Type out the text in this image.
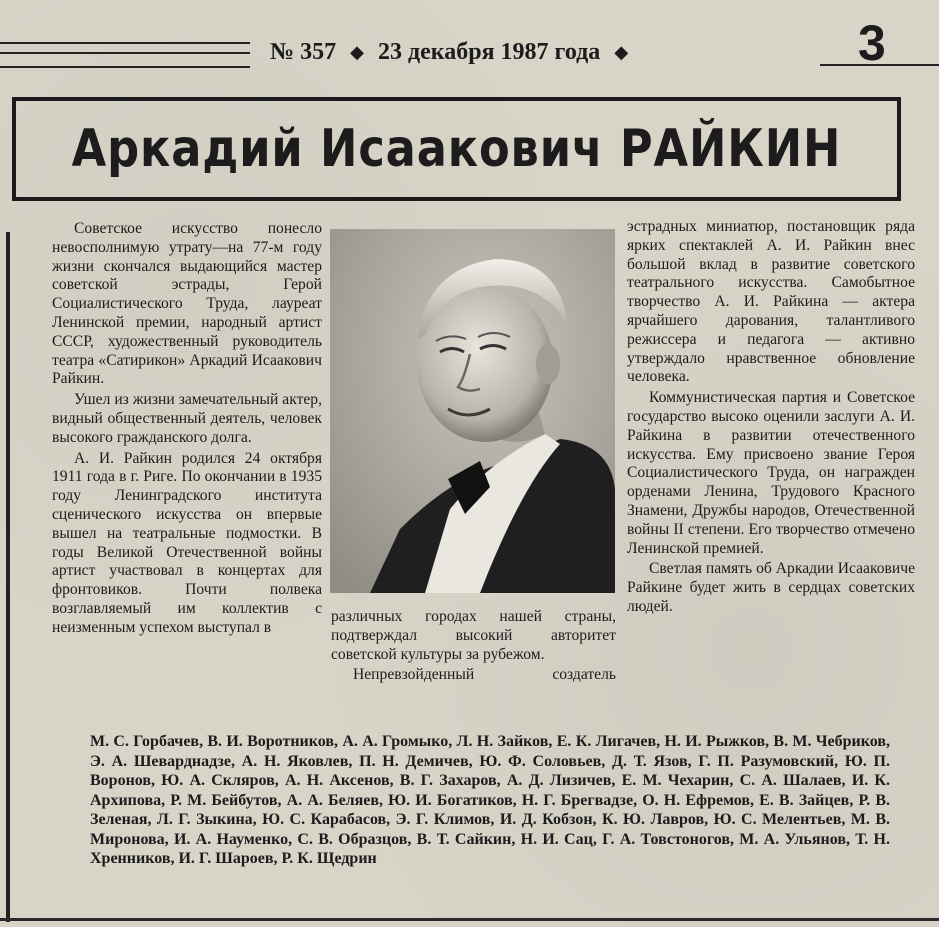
№ 357 ◆ 23 декабря 1987 года ◆	3
Аркадий Исаакович РАЙКИН

Советское искусство понесло невосполнимую утрату—на 77-м году жизни скончался выдающийся мастер советской эстрады, Герой Социалистического Труда, лауреат Ленинской премии, народный артист СССР, художественный руководитель театра «Сатирикон» Аркадий Исаакович Райкин.

Ушел из жизни замечательный актер, видный общественный деятель, человек высокого гражданского долга.

А. И. Райкин родился 24 октября 1911 года в г. Риге. По окончании в 1935 году Ленинградского института сценического искусства он впервые вышел на театральные подмостки. В годы Великой Отечественной войны артист участвовал в концертах для фронтовиков. Почти полвека возглавляемый им коллектив с неизменным успехом выступал в

различных городах нашей страны, подтверждал высокий авторитет советской культуры за рубежом.

Непревзойденный создатель

эстрадных миниатюр, постановщик ряда ярких спектаклей А. И. Райкин внес большой вклад в развитие советского театрального искусства. Самобытное творчество А. И. Райкина — актера ярчайшего дарования, талантливого режиссера и педагога — активно утверждало нравственное обновление человека.

Коммунистическая партия и Советское государство высоко оценили заслуги А. И. Райкина в развитии отечественного искусства. Ему присвоено звание Героя Социалистического Труда, он награжден орденами Ленина, Трудового Красного Знамени, Дружбы народов, Отечественной войны II степени. Его творчество отмечено Ленинской премией.

Светлая память об Аркадии Исааковиче Райкине будет жить в сердцах советских людей.

М. С. Горбачев, В. И. Воротников, А. А. Громыко, Л. Н. Зайков, Е. К. Лигачев, Н. И. Рыжков, В. М. Чебриков, Э. А. Шеварднадзе, А. Н. Яковлев, П. Н. Демичев, Ю. Ф. Соловьев, Д. Т. Язов, Г. П. Разумовский, Ю. П. Воронов, Ю. А. Скляров, А. Н. Аксенов, В. Г. Захаров, А. Д. Лизичев, Е. М. Чехарин, С. А. Шалаев, И. К. Архипова, Р. М. Бейбутов, А. А. Беляев, Ю. И. Богатиков, Н. Г. Брегвадзе, О. Н. Ефремов, Е. В. Зайцев, Р. В. Зеленая, Л. Г. Зыкина, Ю. С. Карабасов, Э. Г. Климов, И. Д. Кобзон, К. Ю. Лавров, Ю. С. Мелентьев, М. В. Миронова, И. А. Науменко, С. В. Образцов, В. Т. Сайкин, Н. И. Сац, Г. А. Товстоногов, М. А. Ульянов, Т. Н. Хренников, И. Г. Шароев, Р. К. Щедрин
